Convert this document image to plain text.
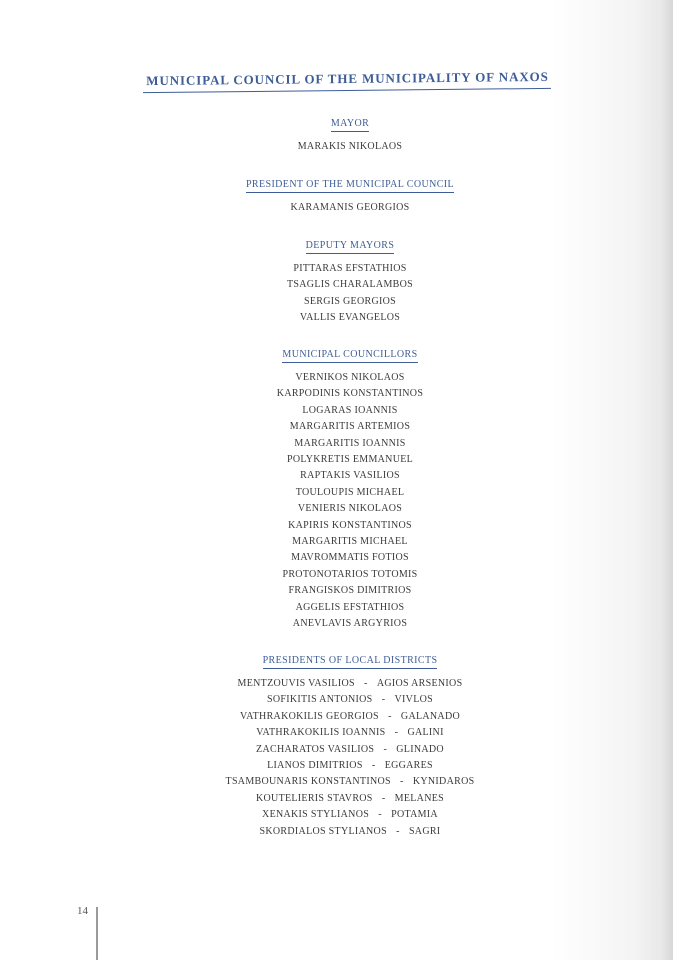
MUNICIPAL COUNCIL OF THE MUNICIPALITY OF NAXOS
MAYOR
MARAKIS NIKOLAOS
PRESIDENT OF THE MUNICIPAL COUNCIL
KARAMANIS GEORGIOS
DEPUTY MAYORS
PITTARAS EFSTATHIOS
TSAGLIS CHARALAMBOS
SERGIS GEORGIOS
VALLIS EVANGELOS
MUNICIPAL COUNCILLORS
VERNIKOS NIKOLAOS
KARPODINIS KONSTANTINOS
LOGARAS IOANNIS
MARGARITIS ARTEMIOS
MARGARITIS IOANNIS
POLYKRETIS EMMANUEL
RAPTAKIS VASILIOS
TOULOUPIS MICHAEL
VENIERIS NIKOLAOS
KAPIRIS KONSTANTINOS
MARGARITIS MICHAEL
MAVROMMATIS FOTIOS
PROTONOTARIOS TOTOMIS
FRANGISKOS DIMITRIOS
AGGELIS EFSTATHIOS
ANEVLAVIS ARGYRIOS
PRESIDENTS OF LOCAL DISTRICTS
MENTZOUVIS VASILIOS - AGIOS ARSENIOS
SOFIKITIS ANTONIOS - VIVLOS
VATHRAKOKILIS GEORGIOS - GALANADO
VATHRAKOKILIS IOANNIS - GALINI
ZACHARATOS VASILIOS - GLINADO
LIANOS DIMITRIOS - EGGARES
TSAMBOUNARIS KONSTANTINOS - KYNIDAROS
KOUTELIERIS STAVROS - MELANES
XENAKIS STYLIANOS - POTAMIA
SKORDIALOS STYLIANOS - SAGRI
14
